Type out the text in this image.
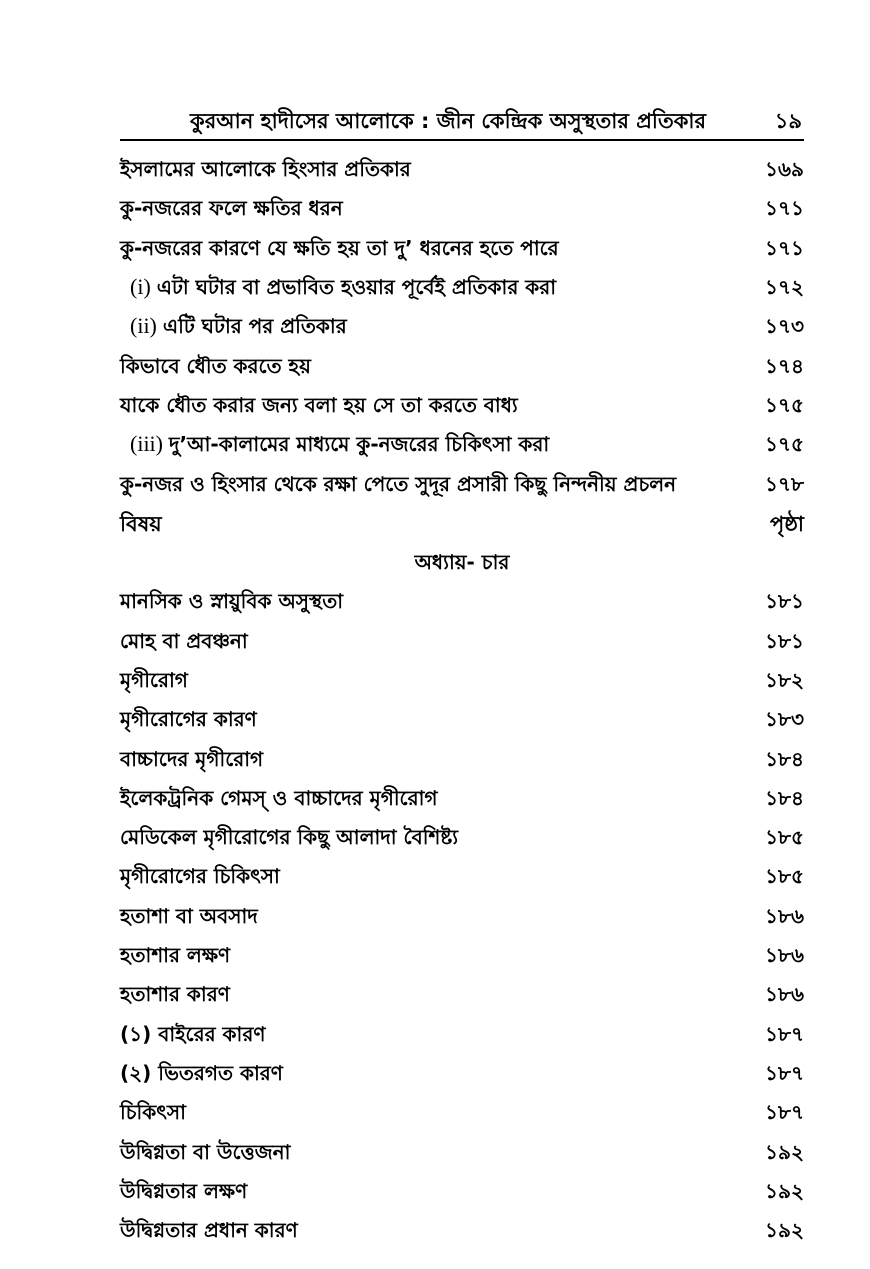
কুরআন হাদীসের আলোকে : জীন কেন্দ্রিক অসুস্থতার প্রতিকার	১৯
ইসলামের আলোকে হিংসার প্রতিকার	১৬৯
কু-নজরের ফলে ক্ষতির ধরন	১৭১
কু-নজরের কারণে যে ক্ষতি হয় তা দু’ ধরনের হতে পারে	১৭১
(i) এটা ঘটার বা প্রভাবিত হওয়ার পূর্বেই প্রতিকার করা	১৭২
(ii) এটি ঘটার পর প্রতিকার	১৭৩
কিভাবে ধৌত করতে হয়	১৭৪
যাকে ধৌত করার জন্য বলা হয় সে তা করতে বাধ্য	১৭৫
(iii) দু’আ-কালামের মাধ্যমে কু-নজরের চিকিৎসা করা	১৭৫
কু-নজর ও হিংসার থেকে রক্ষা পেতে সুদূর প্রসারী কিছু নিন্দনীয় প্রচলন	১৭৮
বিষয়	পৃষ্ঠা
অধ্যায়- চার
মানসিক ও স্নায়ুবিক অসুস্থতা	১৮১
মোহ বা প্রবঞ্চনা	১৮১
মৃগীরোগ	১৮২
মৃগীরোগের কারণ	১৮৩
বাচ্চাদের মৃগীরোগ	১৮৪
ইলেকট্রনিক গেমস্ ও বাচ্চাদের মৃগীরোগ	১৮৪
মেডিকেল মৃগীরোগের কিছু আলাদা বৈশিষ্ট্য	১৮৫
মৃগীরোগের চিকিৎসা	১৮৫
হতাশা বা অবসাদ	১৮৬
হতাশার লক্ষণ	১৮৬
হতাশার কারণ	১৮৬
(১) বাইরের কারণ	১৮৭
(২) ভিতরগত কারণ	১৮৭
চিকিৎসা	১৮৭
উদ্বিগ্নতা বা উত্তেজনা	১৯২
উদ্বিগ্নতার লক্ষণ	১৯২
উদ্বিগ্নতার প্রধান কারণ	১৯২
